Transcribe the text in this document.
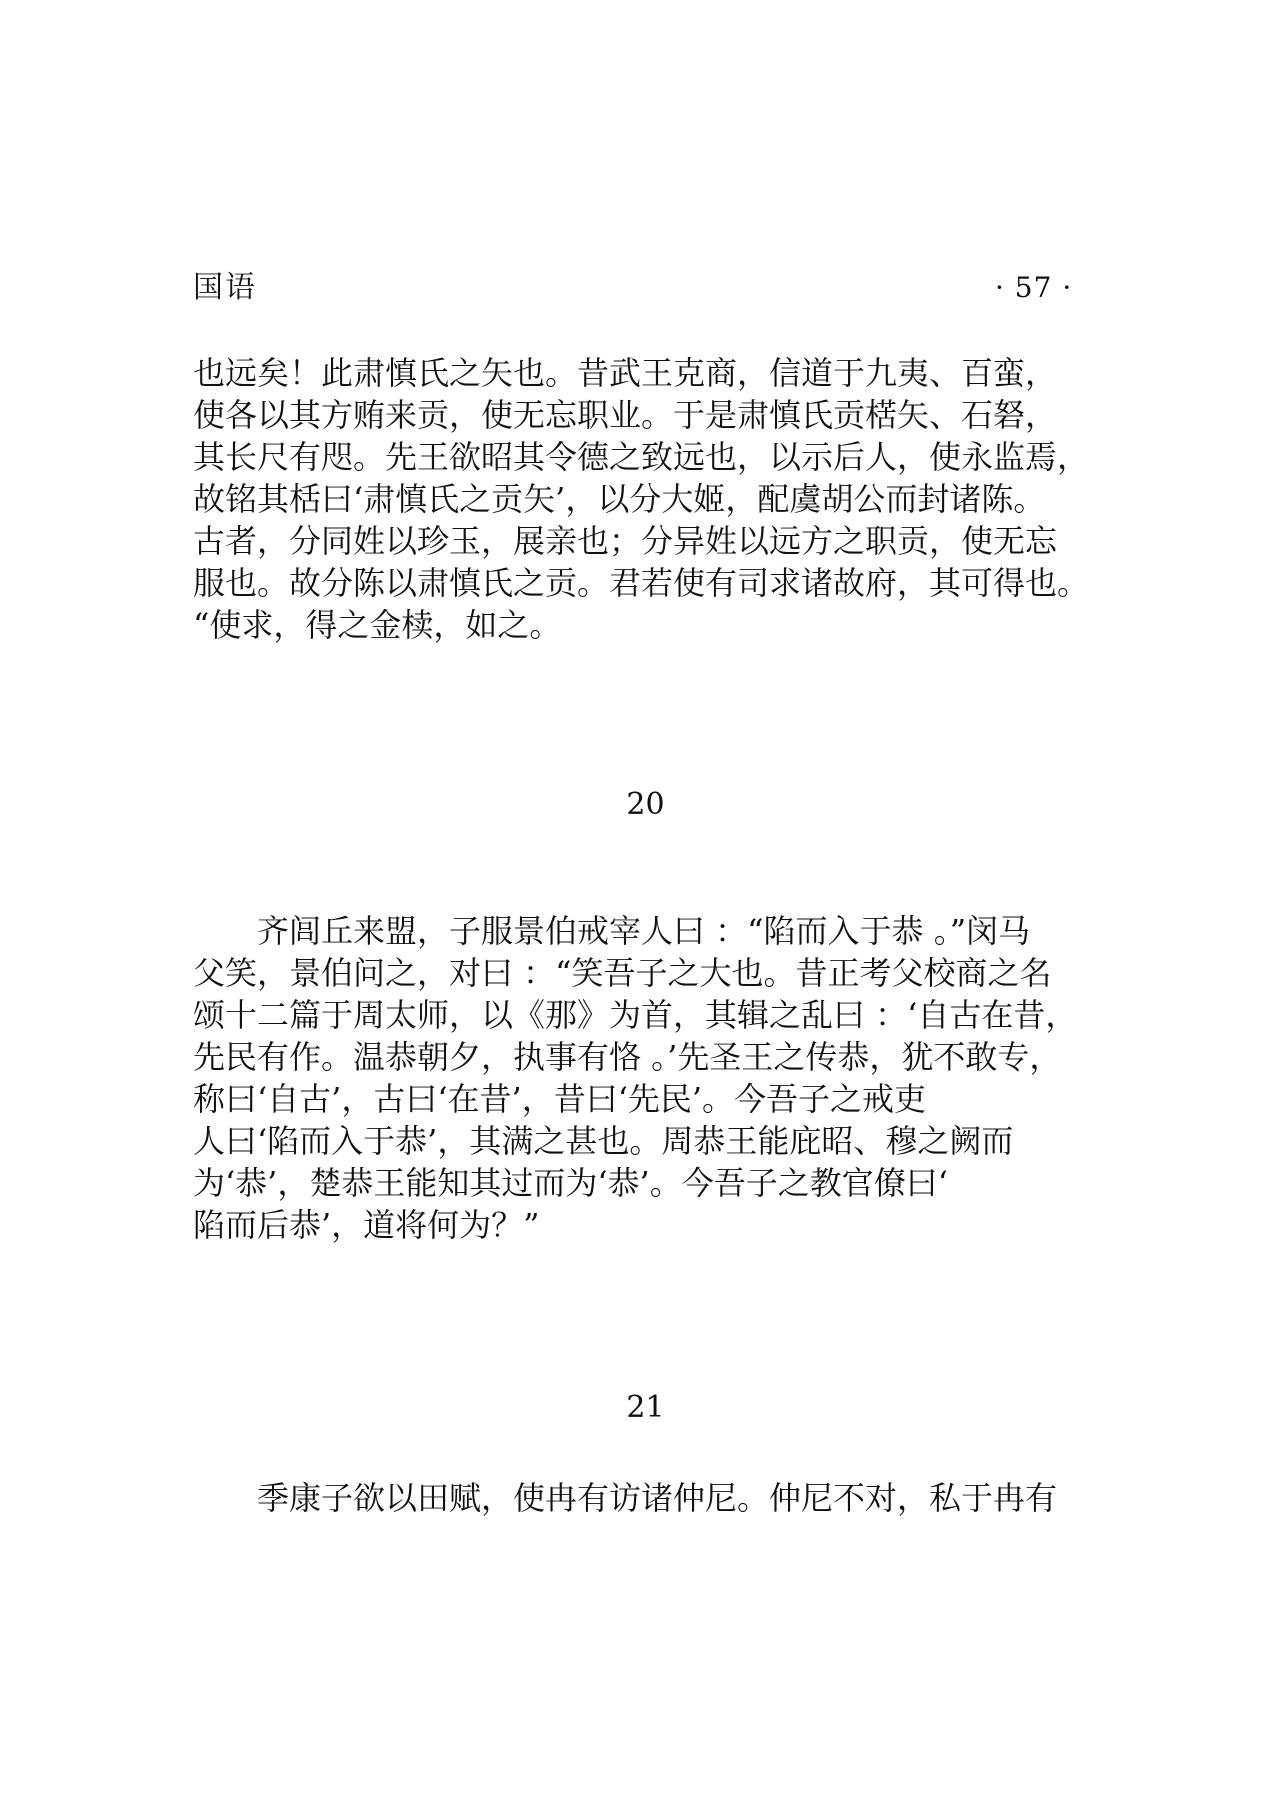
国语	· 57 ·
也远矣！此肃慎氏之矢也。昔武王克商，信道于九夷、百蛮，
使各以其方贿来贡，使无忘职业。于是肃慎氏贡楛矢、石砮，
其长尺有咫。先王欲昭其令德之致远也，以示后人，使永监焉，
故铭其栝曰‘肃慎氏之贡矢’，以分大姬，配虞胡公而封诸陈。
古者，分同姓以珍玉，展亲也；分异姓以远方之职贡，使无忘
服也。故分陈以肃慎氏之贡。君若使有司求诸故府，其可得也。
“使求，得之金椟，如之。
20
齐闾丘来盟，子服景伯戒宰人曰 ：“陷而入于恭 。”闵马
父笑，景伯问之，对曰 ：“笑吾子之大也。昔正考父校商之名
颂十二篇于周太师，以《那》为首，其辑之乱曰 ：‘自古在昔，
先民有作。温恭朝夕，执事有恪 。’先圣王之传恭，犹不敢专，
称曰‘自古’，古曰‘在昔’，昔曰‘先民’。今吾子之戒吏
人曰‘陷而入于恭’，其满之甚也。周恭王能庇昭、穆之阙而
为‘恭’，楚恭王能知其过而为‘恭’。今吾子之教官僚曰‘
陷而后恭’，道将何为？”
21
季康子欲以田赋，使冉有访诸仲尼。仲尼不对，私于冉有
